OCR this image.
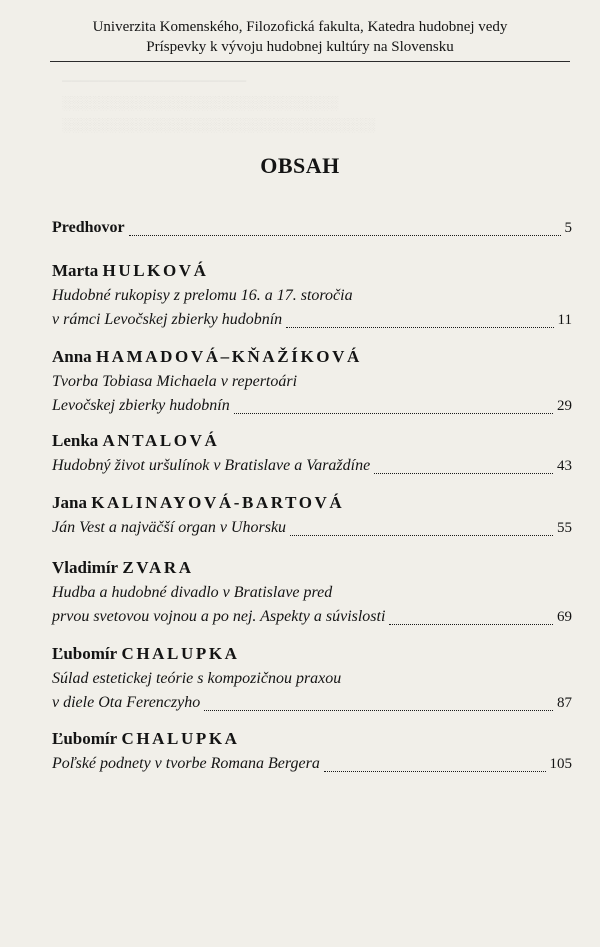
────────────────────
░░░░░░░░░░░░░░░░░░░░░░░░░░░░░░
░░░░░░░░░░░░░░░░░░░░░░░░░░░░░░░░░░
Univerzita Komenského, Filozofická fakulta, Katedra hudobnej vedy
Príspevky k vývoju hudobnej kultúry na Slovensku
OBSAH
Predhovor	5
Marta HULKOVÁ
Hudobné rukopisy z prelomu 16. a 17. storočia
v rámci Levočskej zbierky hudobnín	11
Anna HAMADOVÁ–KŇAŽÍKOVÁ
Tvorba Tobiasa Michaela v repertoári
Levočskej zbierky hudobnín	29
Lenka ANTALOVÁ
Hudobný život uršulínok v Bratislave a Varaždíne	43
Jana KALINAYOVÁ-BARTOVÁ
Ján Vest a najväčší organ v Uhorsku	55
Vladimír ZVARA
Hudba a hudobné divadlo v Bratislave pred
prvou svetovou vojnou a po nej. Aspekty a súvislosti	69
Ľubomír CHALUPKA
Súlad estetickej teórie s kompozičnou praxou
v diele Ota Ferenczyho	87
Ľubomír CHALUPKA
Poľské podnety v tvorbe Romana Bergera	105
